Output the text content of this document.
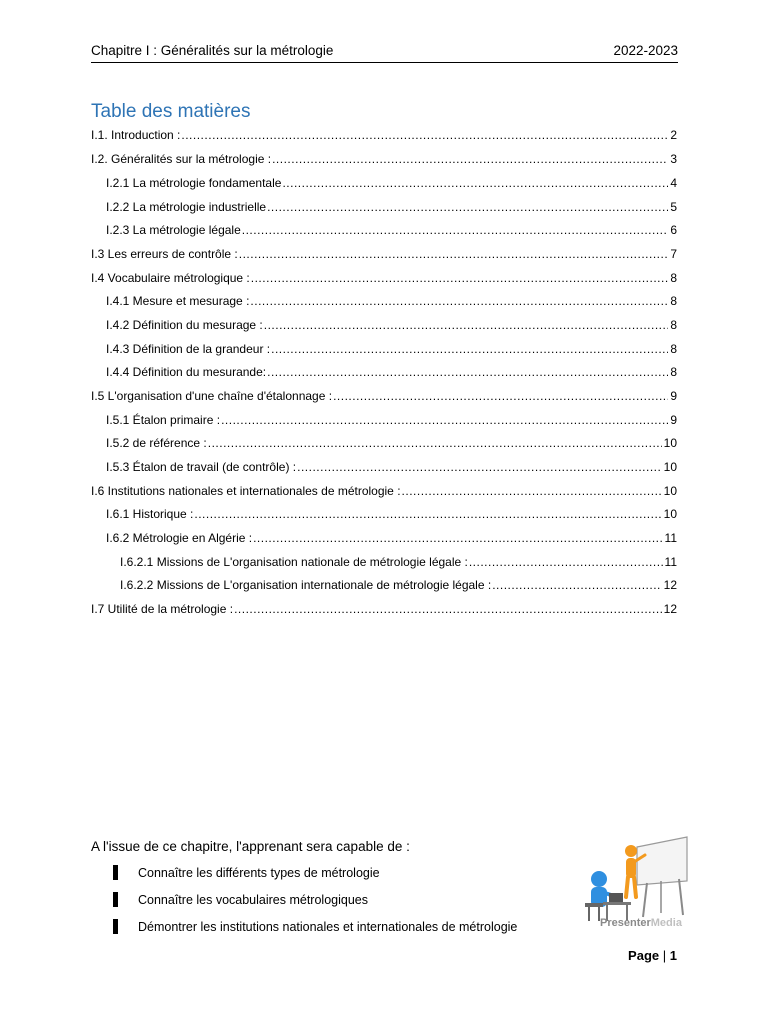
Chapitre I : Généralités sur la métrologie	2022-2023
Table des matières
I.1. Introduction : .....	2
I.2. Généralités sur la métrologie : .....	3
I.2.1 La métrologie fondamentale .....	4
I.2.2 La métrologie industrielle .....	5
I.2.3 La métrologie légale .....	6
I.3 Les erreurs de contrôle : .....	7
I.4 Vocabulaire métrologique : .....	8
I.4.1 Mesure et mesurage : .....	8
I.4.2 Définition du mesurage : .....	8
I.4.3 Définition de la grandeur : .....	8
I.4.4 Définition du mesurande: .....	8
I.5 L'organisation d'une chaîne d'étalonnage : .....	9
I.5.1 Étalon primaire : .....	9
I.5.2 de référence : .....	10
I.5.3 Étalon de travail (de contrôle) : .....	10
I.6 Institutions nationales et internationales de métrologie : .....	10
I.6.1 Historique : .....	10
I.6.2 Métrologie en Algérie : .....	11
I.6.2.1 Missions de L'organisation nationale de métrologie légale : .....	11
I.6.2.2 Missions de L'organisation internationale de métrologie légale : .....	12
I.7 Utilité de la métrologie : .....	12
A l'issue de ce chapitre, l'apprenant sera capable de :
Connaître les différents types de métrologie
Connaître les vocabulaires métrologiques
Démontrer les institutions nationales et internationales de métrologie	PresenterMedia
Page | 1
